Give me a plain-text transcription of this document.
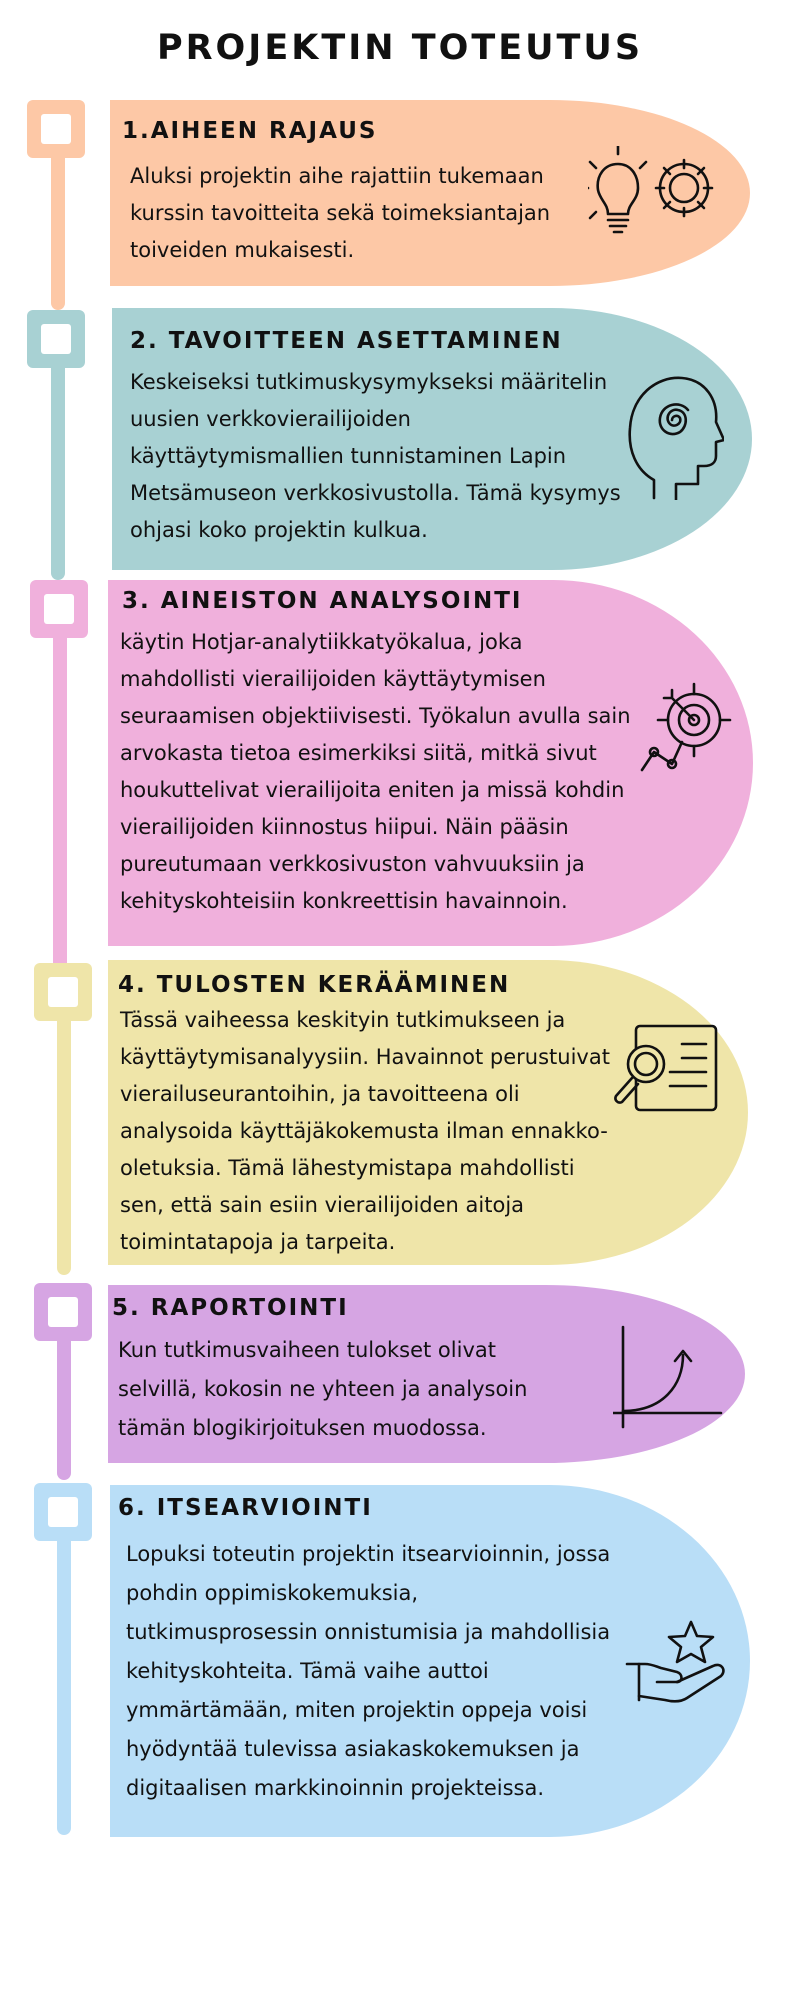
PROJEKTIN TOTEUTUS
1.AIHEEN RAJAUS
Aluksi projektin aihe rajattiin tukemaan
kurssin tavoitteita sekä toimeksiantajan
toiveiden mukaisesti.
2. TAVOITTEEN ASETTAMINEN
Keskeiseksi tutkimuskysymykseksi määritelin
uusien verkkovierailijoiden
käyttäytymismallien tunnistaminen Lapin
Metsämuseon verkkosivustolla. Tämä kysymys
ohjasi koko projektin kulkua.
3. AINEISTON ANALYSOINTI
käytin Hotjar-analytiikkatyökalua, joka
mahdollisti vierailijoiden käyttäytymisen
seuraamisen objektiivisesti. Työkalun avulla sain
arvokasta tietoa esimerkiksi siitä, mitkä sivut
houkuttelivat vierailijoita eniten ja missä kohdin
vierailijoiden kiinnostus hiipui. Näin pääsin
pureutumaan verkkosivuston vahvuuksiin ja
kehityskohteisiin konkreettisin havainnoin.
4. TULOSTEN KERÄÄMINEN
Tässä vaiheessa keskityin tutkimukseen ja
käyttäytymisanalyysiin. Havainnot perustuivat
vierailuseurantoihin, ja tavoitteena oli
analysoida käyttäjäkokemusta ilman ennakko-
oletuksia. Tämä lähestymistapa mahdollisti
sen, että sain esiin vierailijoiden aitoja
toimintatapoja ja tarpeita.
5. RAPORTOINTI
Kun tutkimusvaiheen tulokset olivat
selvillä, kokosin ne yhteen ja analysoin
tämän blogikirjoituksen muodossa.
6. ITSEARVIOINTI
Lopuksi toteutin projektin itsearvioinnin, jossa
pohdin oppimiskokemuksia,
tutkimusprosessin onnistumisia ja mahdollisia
kehityskohteita. Tämä vaihe auttoi
ymmärtämään, miten projektin oppeja voisi
hyödyntää tulevissa asiakaskokemuksen ja
digitaalisen markkinoinnin projekteissa.
